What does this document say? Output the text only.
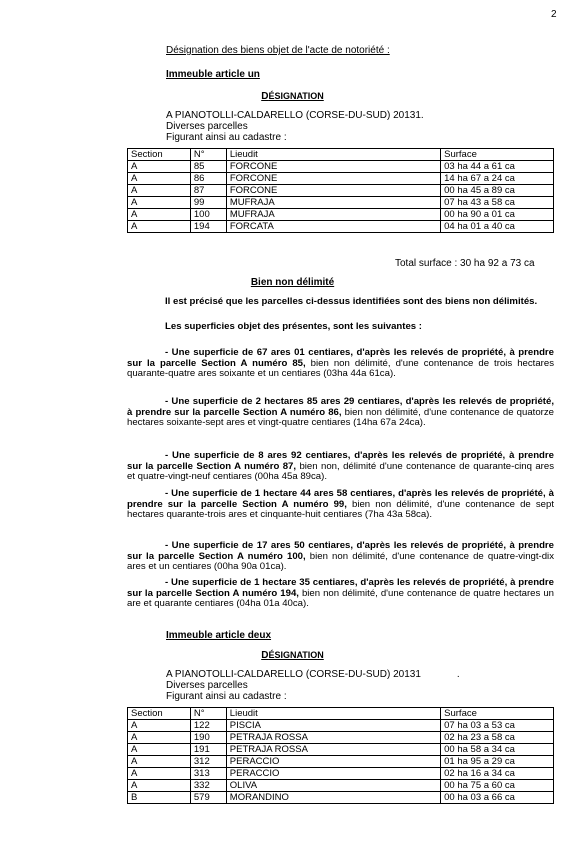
2
Désignation des biens objet de l'acte de notoriété :
Immeuble article un
DÉSIGNATION
A PIANOTOLLI-CALDARELLO (CORSE-DU-SUD) 20131.
Diverses parcelles
Figurant ainsi au cadastre :
Section	N°	Lieudit	Surface
A	85	FORCONE	03 ha 44 a 61 ca
A	86	FORCONE	14 ha 67 a 24 ca
A	87	FORCONE	00 ha 45 a 89 ca
A	99	MUFRAJA	07 ha 43 a 58 ca
A	100	MUFRAJA	00 ha 90 a 01 ca
A	194	FORCATA	04 ha 01 a 40 ca
Total surface : 30 ha 92 a 73 ca
Bien non délimité
Il est précisé que les parcelles ci-dessus identifiées sont des biens non délimités.
Les superficies objet des présentes, sont les suivantes :
- Une superficie de 67 ares 01 centiares, d'après les relevés de propriété, à prendre sur la parcelle Section A numéro 85, bien non délimité, d'une contenance de trois hectares quarante-quatre ares soixante et un centiares (03ha 44a 61ca).
- Une superficie de 2 hectares 85 ares 29 centiares, d'après les relevés de propriété, à prendre sur la parcelle Section A numéro 86, bien non délimité, d'une contenance de quatorze hectares soixante-sept ares et vingt-quatre centiares (14ha 67a 24ca).
- Une superficie de 8 ares 92 centiares, d'après les relevés de propriété, à prendre sur la parcelle Section A numéro 87, bien non, délimité d'une contenance de quarante-cinq ares et quatre-vingt-neuf centiares (00ha 45a 89ca).
- Une superficie de 1 hectare 44 ares 58 centiares, d'après les relevés de propriété, à prendre sur la parcelle Section A numéro 99, bien non délimité, d'une contenance de sept hectares quarante-trois ares et cinquante-huit centiares (7ha 43a 58ca).
- Une superficie de 17 ares 50 centiares, d'après les relevés de propriété, à prendre sur la parcelle Section A numéro 100, bien non délimité, d'une contenance de quatre-vingt-dix ares et un centiares (00ha 90a 01ca).
- Une superficie de 1 hectare 35 centiares, d'après les relevés de propriété, à prendre sur la parcelle Section A numéro 194, bien non délimité, d'une contenance de quatre hectares un are et quarante centiares (04ha 01a 40ca).
Immeuble article deux
DÉSIGNATION
A PIANOTOLLI-CALDARELLO (CORSE-DU-SUD) 20131	.
Diverses parcelles
Figurant ainsi au cadastre :
Section	N°	Lieudit	Surface
A	122	PISCIA	07 ha 03 a 53 ca
A	190	PETRAJA ROSSA	02 ha 23 a 58 ca
A	191	PETRAJA ROSSA	00 ha 58 a 34 ca
A	312	PERACCIO	01 ha 95 a 29 ca
A	313	PERACCIO	02 ha 16 a 34 ca
A	332	OLIVA	00 ha 75 a 60 ca
B	579	MORANDINO	00 ha 03 a 66 ca
